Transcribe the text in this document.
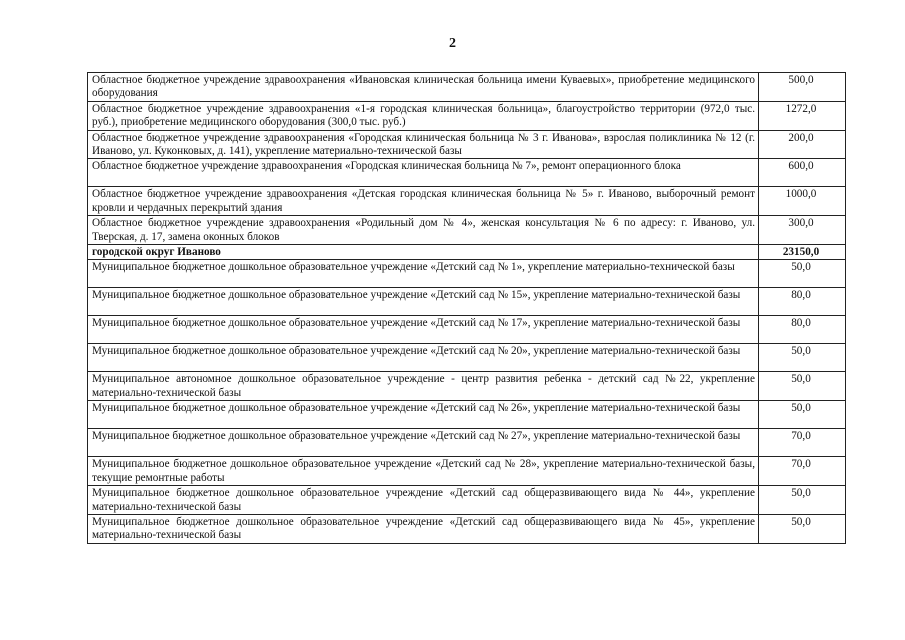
2
Областное бюджетное учреждение здравоохранения «Ивановская клиническая больница имени Куваевых», приобретение медицинского оборудования	500,0
Областное бюджетное учреждение здравоохранения «1-я городская клиническая больница», благоустройство территории (972,0 тыс. руб.), приобретение медицинского оборудования (300,0 тыс. руб.)	1272,0
Областное бюджетное учреждение здравоохранения «Городская клиническая больница № 3 г. Иванова», взрослая поликлиника № 12 (г. Иваново, ул. Куконковых, д. 141), укрепление материально-технической базы	200,0
Областное бюджетное учреждение здравоохранения «Городская клиническая больница № 7», ремонт операционного блока	600,0
Областное бюджетное учреждение здравоохранения «Детская городская клиническая больница № 5» г. Иваново, выборочный ремонт кровли и чердачных перекрытий здания	1000,0
Областное бюджетное учреждение здравоохранения «Родильный дом № 4», женская консультация № 6 по адресу: г. Иваново, ул. Тверская, д. 17, замена оконных блоков	300,0
городской округ Иваново	23150,0
Муниципальное бюджетное дошкольное образовательное учреждение «Детский сад № 1», укрепление материально-технической базы	50,0
Муниципальное бюджетное дошкольное образовательное учреждение «Детский сад № 15», укрепление материально-технической базы	80,0
Муниципальное бюджетное дошкольное образовательное учреждение «Детский сад № 17», укрепление материально-технической базы	80,0
Муниципальное бюджетное дошкольное образовательное учреждение «Детский сад № 20», укрепление материально-технической базы	50,0
Муниципальное автономное дошкольное образовательное учреждение - центр развития ребенка - детский сад №22, укрепление материально-технической базы	50,0
Муниципальное бюджетное дошкольное образовательное учреждение «Детский сад № 26», укрепление материально-технической базы	50,0
Муниципальное бюджетное дошкольное образовательное учреждение «Детский сад № 27», укрепление материально-технической базы	70,0
Муниципальное бюджетное дошкольное образовательное учреждение «Детский сад № 28», укрепление материально-технической базы, текущие ремонтные работы	70,0
Муниципальное бюджетное дошкольное образовательное учреждение «Детский сад общеразвивающего вида № 44», укрепление материально-технической базы	50,0
Муниципальное бюджетное дошкольное образовательное учреждение «Детский сад общеразвивающего вида № 45», укрепление материально-технической базы	50,0
